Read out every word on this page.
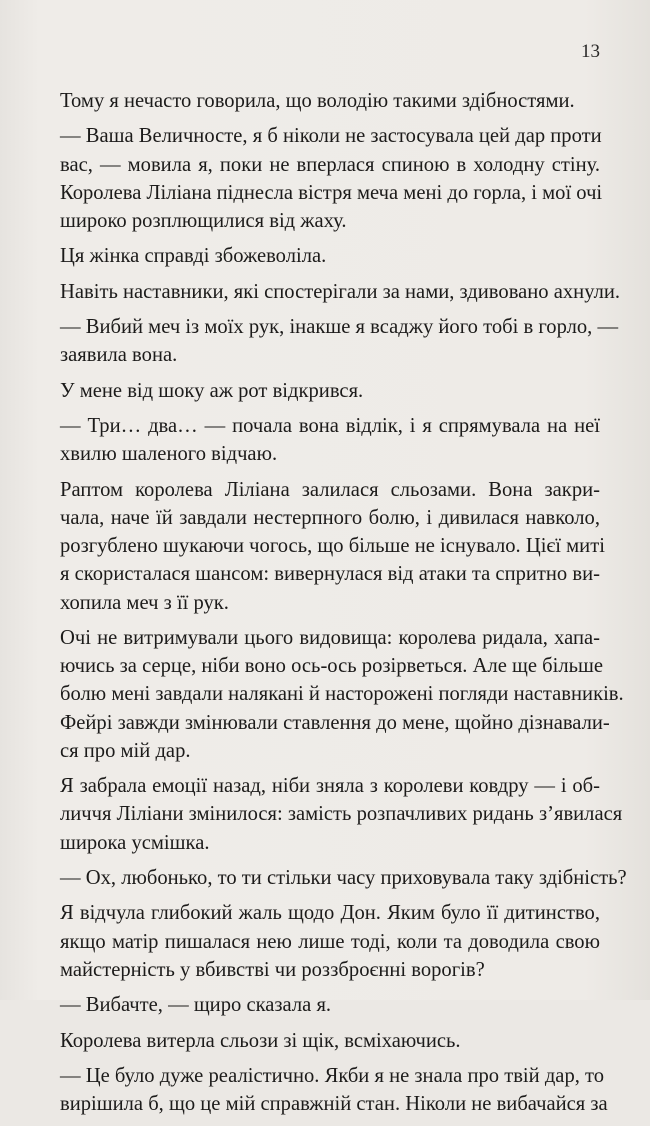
13
Тому я нечасто говорила, що володію такими здібностями.
— Ваша Величносте, я б ніколи не застосувала цей дар проти
вас, — мовила я, поки не вперлася спиною в холодну стіну.
Королева Ліліана піднесла вістря меча мені до горла, і мої очі
широко розплющилися від жаху.
Ця жінка справді збожеволіла.
Навіть наставники, які спостерігали за нами, здивовано ахнули.
— Вибий меч із моїх рук, інакше я всаджу його тобі в горло, —
заявила вона.
У мене від шоку аж рот відкрився.
— Три… два… — почала вона відлік, і я спрямувала на неї
хвилю шаленого відчаю.
Раптом королева Ліліана залилася сльозами. Вона закри-
чала, наче їй завдали нестерпного болю, і дивилася навколо,
розгублено шукаючи чогось, що більше не існувало. Цієї миті
я скористалася шансом: вивернулася від атаки та спритно ви-
хопила меч з її рук.
Очі не витримували цього видовища: королева ридала, хапа-
ючись за серце, ніби воно ось-ось розірветься. Але ще більше
болю мені завдали налякані й насторожені погляди наставників.
Фейрі завжди змінювали ставлення до мене, щойно дізнавали-
ся про мій дар.
Я забрала емоції назад, ніби зняла з королеви ковдру — і об-
личчя Ліліани змінилося: замість розпачливих ридань з’явилася
широка усмішка.
— Ох, любонько, то ти стільки часу приховувала таку здібність?
Я відчула глибокий жаль щодо Дон. Яким було її дитинство,
якщо матір пишалася нею лише тоді, коли та доводила свою
майстерність у вбивстві чи роззброєнні ворогів?
— Вибачте, — щиро сказала я.
Королева витерла сльози зі щік, всміхаючись.
— Це було дуже реалістично. Якби я не знала про твій дар, то
вирішила б, що це мій справжній стан. Ніколи не вибачайся за
